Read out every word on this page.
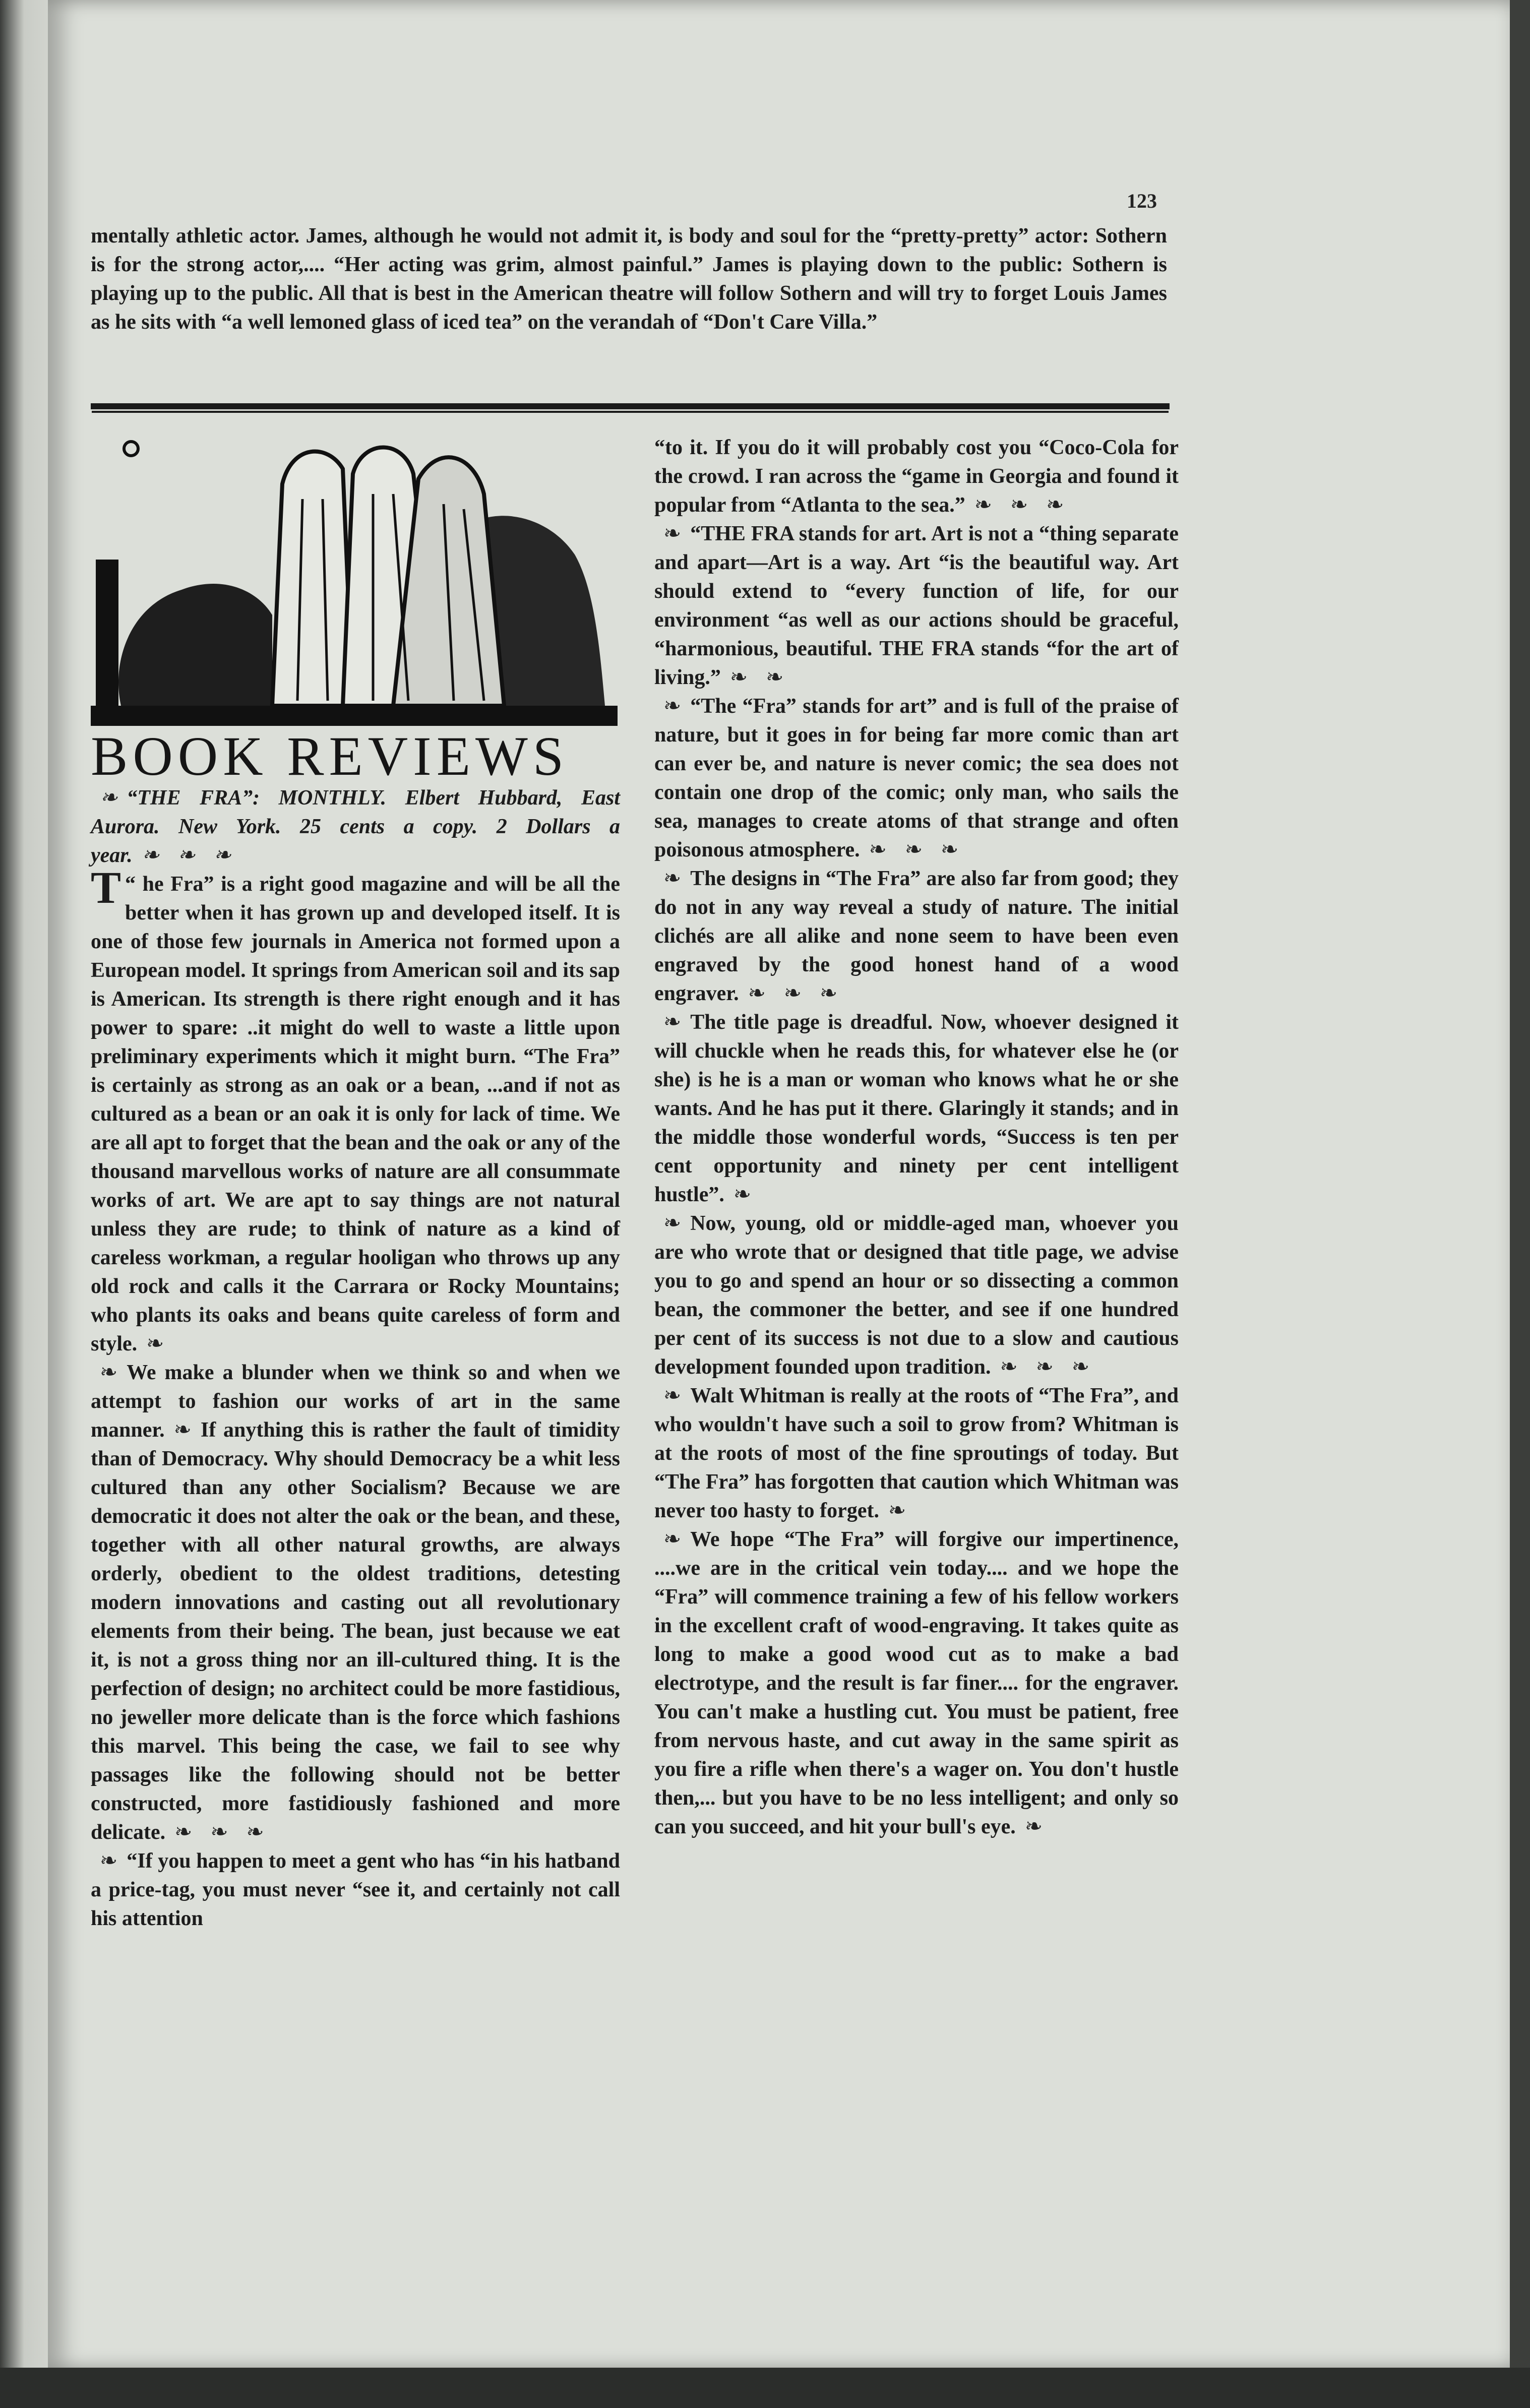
123

mentally athletic actor. James, although he would not admit it, is body and soul for the “pretty-pretty” actor: Sothern is for the strong actor,.... “Her acting was grim, almost painful.” James is playing down to the public: Sothern is playing up to the public. All that is best in the American theatre will follow Sothern and will try to forget Louis James as he sits with “a well lemoned glass of iced tea” on the verandah of “Don't Care Villa.”

BOOK REVIEWS

❧ “THE FRA”: MONTHLY. Elbert Hubbard, East Aurora. New York. 25 cents a copy. 2 Dollars a year. ❧ ❧ ❧

T “ he Fra” is a right good magazine and will be all the better when it has grown up and developed itself. It is one of those few journals in America not formed upon a European model. It springs from American soil and its sap is American. Its strength is there right enough and it has power to spare: ..it might do well to waste a little upon preliminary experiments which it might burn. “The Fra” is certainly as strong as an oak or a bean, ...and if not as cultured as a bean or an oak it is only for lack of time. We are all apt to forget that the bean and the oak or any of the thousand marvellous works of nature are all consummate works of art. We are apt to say things are not natural unless they are rude; to think of nature as a kind of careless workman, a regular hooligan who throws up any old rock and calls it the Carrara or Rocky Mountains; who plants its oaks and beans quite careless of form and style. ❧

❧ We make a blunder when we think so and when we attempt to fashion our works of art in the same manner. ❧ If anything this is rather the fault of timidity than of Democracy. Why should Democracy be a whit less cultured than any other Socialism? Because we are democratic it does not alter the oak or the bean, and these, together with all other natural growths, are always orderly, obedient to the oldest traditions, detesting modern innovations and casting out all revolutionary elements from their being. The bean, just because we eat it, is not a gross thing nor an ill-cultured thing. It is the perfection of design; no architect could be more fastidious, no jeweller more delicate than is the force which fashions this marvel. This being the case, we fail to see why passages like the following should not be better constructed, more fastidiously fashioned and more delicate. ❧ ❧ ❧

❧ “If you happen to meet a gent who has “in his hatband a price-tag, you must never “see it, and certainly not call his attention

“to it. If you do it will probably cost you “Coco-Cola for the crowd. I ran across the “game in Georgia and found it popular from “Atlanta to the sea.” ❧ ❧ ❧

❧ “THE FRA stands for art. Art is not a “thing separate and apart—Art is a way. Art “is the beautiful way. Art should extend to “every function of life, for our environment “as well as our actions should be graceful, “harmonious, beautiful. THE FRA stands “for the art of living.” ❧ ❧

❧ “The “Fra” stands for art” and is full of the praise of nature, but it goes in for being far more comic than art can ever be, and nature is never comic; the sea does not contain one drop of the comic; only man, who sails the sea, manages to create atoms of that strange and often poisonous atmosphere. ❧ ❧ ❧

❧ The designs in “The Fra” are also far from good; they do not in any way reveal a study of nature. The initial clichés are all alike and none seem to have been even engraved by the good honest hand of a wood engraver. ❧ ❧ ❧

❧ The title page is dreadful. Now, whoever designed it will chuckle when he reads this, for whatever else he (or she) is he is a man or woman who knows what he or she wants. And he has put it there. Glaringly it stands; and in the middle those wonderful words, “Success is ten per cent opportunity and ninety per cent intelligent hustle”. ❧

❧ Now, young, old or middle-aged man, whoever you are who wrote that or designed that title page, we advise you to go and spend an hour or so dissecting a common bean, the commoner the better, and see if one hundred per cent of its success is not due to a slow and cautious development founded upon tradition. ❧ ❧ ❧

❧ Walt Whitman is really at the roots of “The Fra”, and who wouldn't have such a soil to grow from? Whitman is at the roots of most of the fine sproutings of today. But “The Fra” has forgotten that caution which Whitman was never too hasty to forget. ❧

❧ We hope “The Fra” will forgive our impertinence, ....we are in the critical vein today.... and we hope the “Fra” will commence training a few of his fellow workers in the excellent craft of wood-engraving. It takes quite as long to make a good wood cut as to make a bad electrotype, and the result is far finer.... for the engraver. You can't make a hustling cut. You must be patient, free from nervous haste, and cut away in the same spirit as you fire a rifle when there's a wager on. You don't hustle then,... but you have to be no less intelligent; and only so can you succeed, and hit your bull's eye. ❧
